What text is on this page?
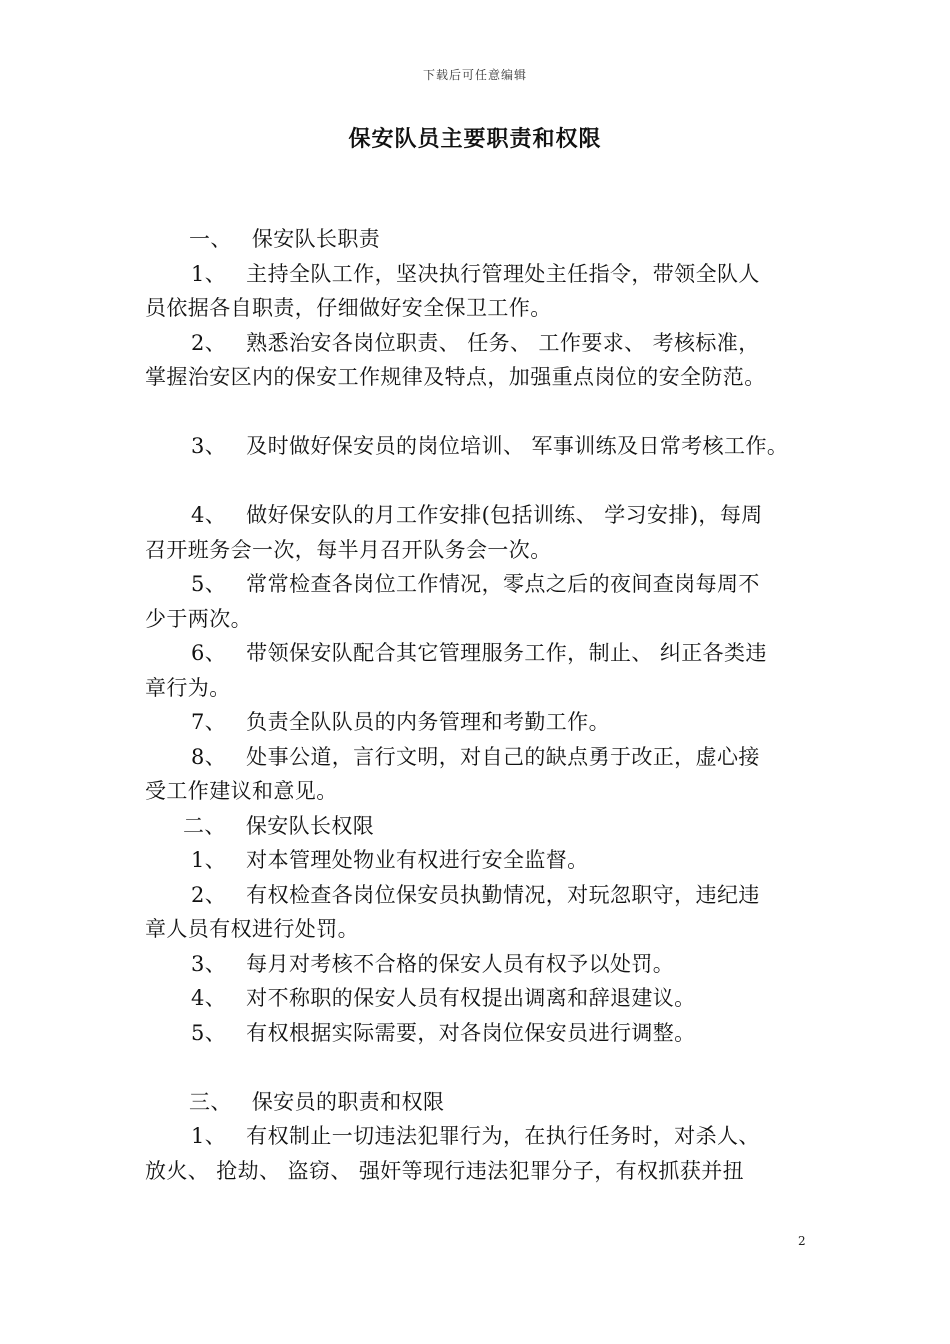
下载后可任意编辑
保安队员主要职责和权限
一、 保安队长职责
1、 主持全队工作，坚决执行管理处主任指令，带领全队人
员依据各自职责，仔细做好安全保卫工作。
2、 熟悉治安各岗位职责、 任务、 工作要求、 考核标准，
掌握治安区内的保安工作规律及特点，加强重点岗位的安全防范。
3、 及时做好保安员的岗位培训、 军事训练及日常考核工作。
4、 做好保安队的月工作安排(包括训练、 学习安排)，每周
召开班务会一次，每半月召开队务会一次。
5、 常常检查各岗位工作情况，零点之后的夜间查岗每周不
少于两次。
6、 带领保安队配合其它管理服务工作，制止、 纠正各类违
章行为。
7、 负责全队队员的内务管理和考勤工作。
8、 处事公道，言行文明，对自己的缺点勇于改正，虚心接
受工作建议和意见。
二、 保安队长权限
1、 对本管理处物业有权进行安全监督。
2、 有权检查各岗位保安员执勤情况，对玩忽职守，违纪违
章人员有权进行处罚。
3、 每月对考核不合格的保安人员有权予以处罚。
4、 对不称职的保安人员有权提出调离和辞退建议。
5、 有权根据实际需要，对各岗位保安员进行调整。
三、 保安员的职责和权限
1、 有权制止一切违法犯罪行为，在执行任务时，对杀人、
放火、 抢劫、 盗窃、 强奸等现行违法犯罪分子，有权抓获并扭
2
